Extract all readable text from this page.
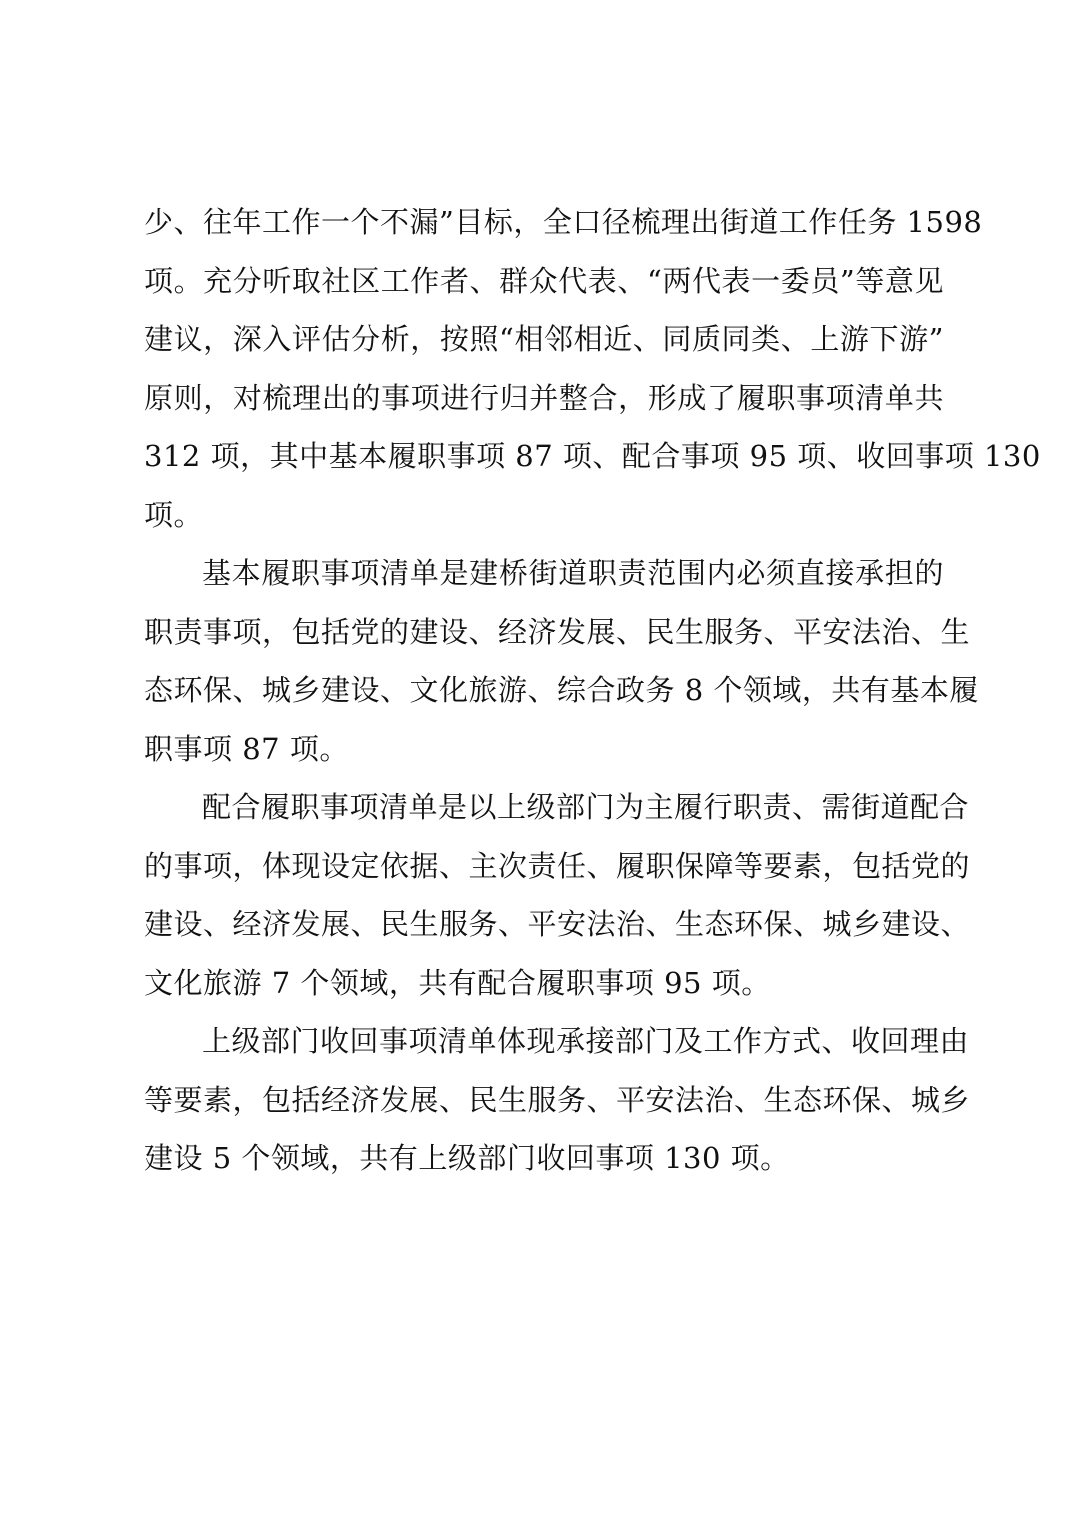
少、往年工作一个不漏”目标，全口径梳理出街道工作任务 1598
项。充分听取社区工作者、群众代表、“两代表一委员”等意见
建议，深入评估分析，按照“相邻相近、同质同类、上游下游”
原则，对梳理出的事项进行归并整合，形成了履职事项清单共
312 项，其中基本履职事项 87 项、配合事项 95 项、收回事项 130
项。
基本履职事项清单是建桥街道职责范围内必须直接承担的
职责事项，包括党的建设、经济发展、民生服务、平安法治、生
态环保、城乡建设、文化旅游、综合政务 8 个领域，共有基本履
职事项 87 项。
配合履职事项清单是以上级部门为主履行职责、需街道配合
的事项，体现设定依据、主次责任、履职保障等要素，包括党的
建设、经济发展、民生服务、平安法治、生态环保、城乡建设、
文化旅游 7 个领域，共有配合履职事项 95 项。
上级部门收回事项清单体现承接部门及工作方式、收回理由
等要素，包括经济发展、民生服务、平安法治、生态环保、城乡
建设 5 个领域，共有上级部门收回事项 130 项。
